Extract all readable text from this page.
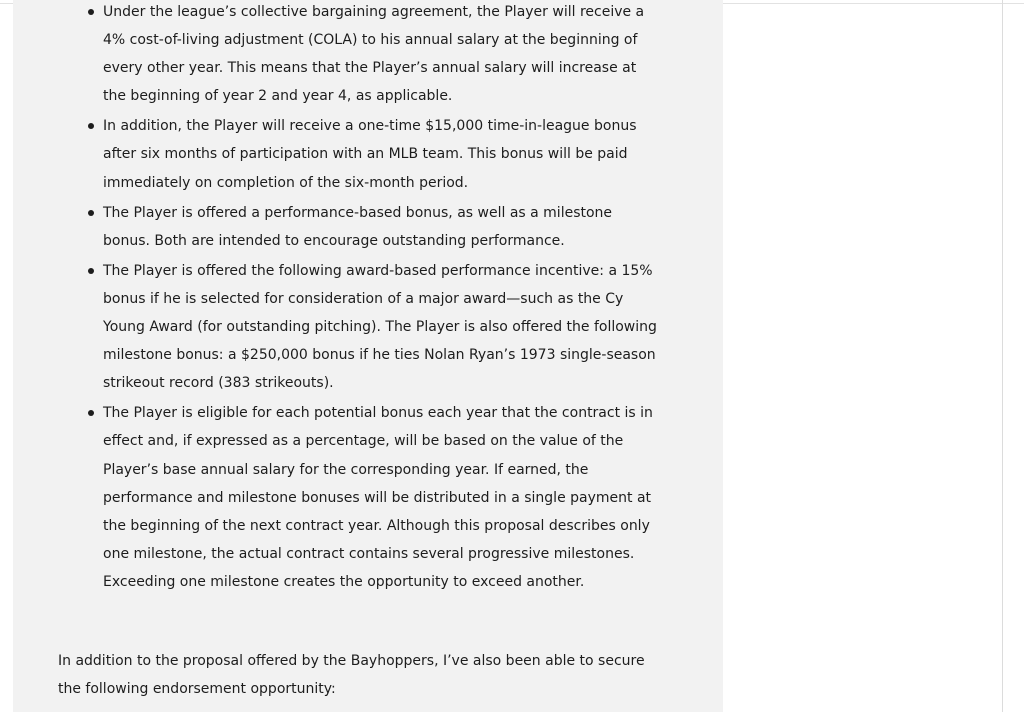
Under the league’s collective bargaining agreement, the Player will receive a 4% cost-of-living adjustment (COLA) to his annual salary at the beginning of every other year. This means that the Player’s annual salary will increase at the beginning of year 2 and year 4, as applicable.
In addition, the Player will receive a one-time $15,000 time-in-league bonus after six months of participation with an MLB team. This bonus will be paid immediately on completion of the six-month period.
The Player is offered a performance-based bonus, as well as a milestone bonus. Both are intended to encourage outstanding performance.
The Player is offered the following award-based performance incentive: a 15% bonus if he is selected for consideration of a major award—such as the Cy Young Award (for outstanding pitching). The Player is also offered the following milestone bonus: a $250,000 bonus if he ties Nolan Ryan’s 1973 single-season strikeout record (383 strikeouts).
The Player is eligible for each potential bonus each year that the contract is in effect and, if expressed as a percentage, will be based on the value of the Player’s base annual salary for the corresponding year. If earned, the performance and milestone bonuses will be distributed in a single payment at the beginning of the next contract year. Although this proposal describes only one milestone, the actual contract contains several progressive milestones. Exceeding one milestone creates the opportunity to exceed another.

In addition to the proposal offered by the Bayhoppers, I’ve also been able to secure the following endorsement opportunity:
